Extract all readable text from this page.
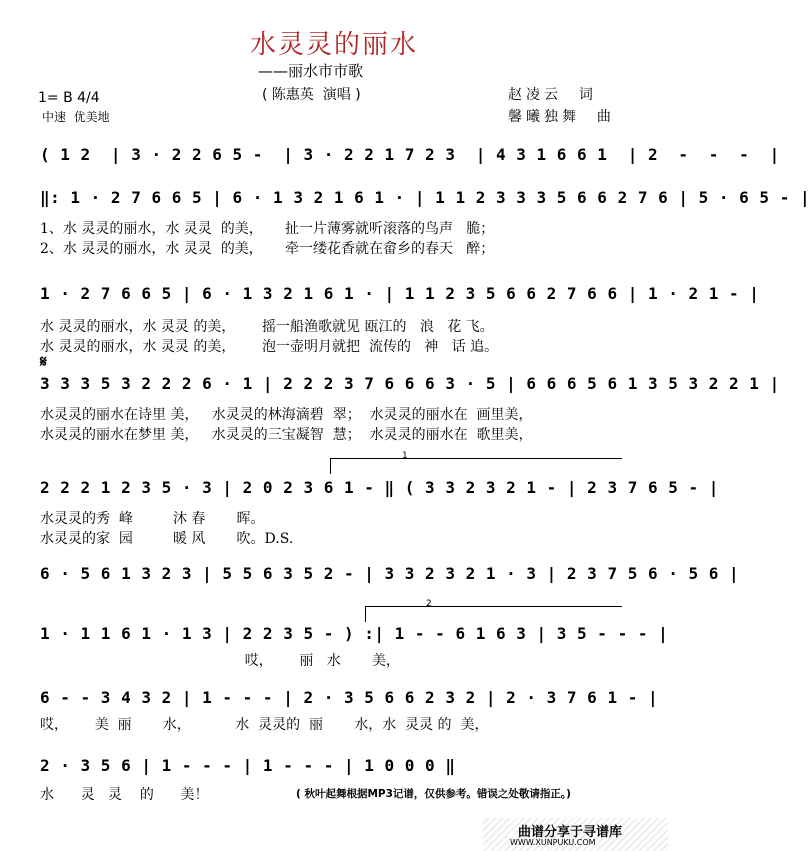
水灵灵的丽水
——丽水市市歌
( 陈惠英  演唱 )	赵凌云  词
馨曦独舞  曲
1= B 4/4
中速  优美地
( 1 2  | 3 · 2 2 6 5 -  | 3 · 2 2 1 7 2 3  | 4 3 1 6 6 1  | 2  -  -  -  |
‖: 1 · 2 7 6 6 5 | 6 · 1 3 2 1 6 1 · | 1 1 2 3 3 3 5 6 6 2 7 6 | 5 · 6 5 - |
1、水 灵灵的丽水，水 灵灵  的美，     扯一片薄雾就听滚落的鸟声   脆；
2、水 灵灵的丽水，水 灵灵  的美，     牵一缕花香就在畲乡的春天   醉；
1 · 2 7 6 6 5 | 6 · 1 3 2 1 6 1 · | 1 1 2 3 5 6 6 2 7 6 6 | 1 · 2 1 - |
水 灵灵的丽水，水 灵灵 的美，      摇一船渔歌就见 瓯江的   浪   花 飞。
水 灵灵的丽水，水 灵灵 的美，      泡一壶明月就把  流传的   神   话 追。
𝄋
3 3 3 5 3 2 2 2 6 · 1 | 2 2 2 3 7 6 6 6 3 · 5 | 6 6 6 5 6 1 3 5 3 2 2 1 |
水灵灵的丽水在诗里 美，   水灵灵的林海滴碧  翠；  水灵灵的丽水在  画里美，
水灵灵的丽水在梦里 美，   水灵灵的三宝凝智  慧；  水灵灵的丽水在  歌里美，
1
2 2 2 1 2 3 5 · 3 | 2 0 2 3 6 1 - ‖ ( 3 3 2 3 2 1 - | 2 3 7 6 5 - |
水灵灵的秀  峰         沐 春       晖。
水灵灵的家  园         暖 风       吹。D.S.
6 · 5 6 1 3 2 3 | 5 5 6 3 5 2 - | 3 3 2 3 2 1 · 3 | 2 3 7 5 6 · 5 6 |
2
1 · 1 1 6 1 · 1 3 | 2 2 3 5 - ) :| 1 - - 6 1 6 3 | 3 5 - - - |
哎，      丽   水       美，
6 - - 3 4 3 2 | 1 - - - | 2 · 3 5 6 6 2 3 2 | 2 · 3 7 6 1 - |
哎，      美  丽       水，          水  灵灵的  丽       水，水  灵灵 的  美，
2 · 3 5 6 | 1 - - - | 1 - - - | 1 0 0 0 ‖
水      灵   灵    的      美！	( 秋叶起舞根据MP3记谱，仅供参考。错误之处敬请指正。)
曲谱分享于寻谱库
WWW.XUNPUKU.COM
